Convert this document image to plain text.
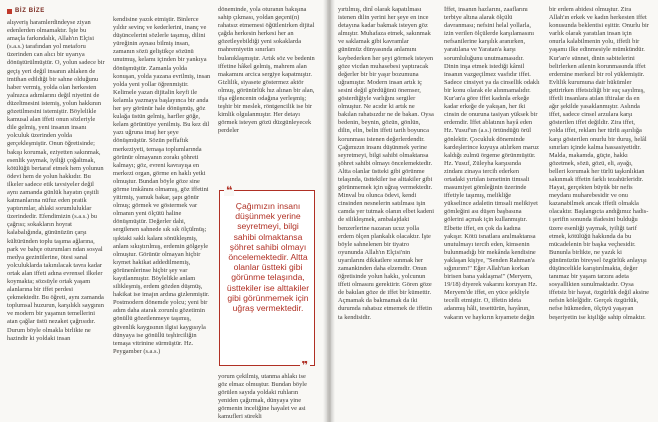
BİZ BİZE

alışveriş haramlerdindeyse ziyan edenlerden olmamaktır. İşte bu amaçla farkındalık, Allah'ın Elçisi (s.a.s.) tarafından yol metaforu üzerinden can alıcı bir uyarıya dönüştürülmüştür. O, yolun sadece bir geçiş yeri değil insanın ahlaken de imtihan edildiği bir sahne olduğunu haber vermiş, yolda olan herkesten yalnızca adımlarını değil niyetini de düzeltmesini istemiş, yolun hakkının gözetilmesini istemiştir. Böylelikle kamusal alan iffeti onun sözleriyle dile gelmiş, yeni insanın insanı yolculuk üzerinden yolda gerçekleşmiştir. Onun öğretisinde; bakışı korumak, eziyetten sakınmak, esenlik yaymak, iyiliği çoğaltmak, kötülüğü bertaraf etmek hem yolunun ödevi hem de yolun hakkıdır. Bu ilkeler sadece etik tavsiyeler değil aynı zamanda günlük hayatın çeşitli katmanlarına nüfuz eden pratik yaptırımlar, ahlaki sorumluluklar üzerindedir. Efendimizin (s.a.s.) bu çağrısı; sokakların hoyrat kalabalığında, gününüzün çarşı kültüründen toplu taşıma ağlarına, park ve bahçe oturumları ndan sosyal medya gezintilerine, ötesi sanal yolculuklarda takınılacak tavra kadar ortak alan iffeti adına evrensel ilkeler koymakta; sözsüyle ortak yaşam alanlarına bir iffet perdesi çekmektedir. Bu öğreti, aynı zamanda toplumsal huzurun, karşılıklı saygının ve modern bir yaşamın temellerini atan çağlar üstü nezaket çağrısıdır. Durum böyle olmakla birlikte ne hazindir ki yoldaki insan

kendisine yazık etmiştir. Binlerce yıldır sevinç ve kederlerini, inanç ve düşüncelerini sözlerle taşımış, dilini yüreğinin aynası bilmiş insan, zamanın sözü geliştikçe sözünü unutmuş, kelamı içinden bir yankıya dönüşmüştür. Zamanla yolda konuşan, yolda yazana evrilmiş, insan yolda yeni yollar öğrenmiştir. Kelimele yazan dijitalin keyfi ile kelamla yazmaya başlayınca bir anda her şey görünür hale dönüşmüş, göz kulağa üstün gelmiş, harfler göğe, kelam görüntüye yenilmiş. Bu kez dil yazı uğruna imaj her şeye dönüşmüştür. Sözün peffafiık merkeziyeti, temaşa toplumlarında görünür olmayanın zorakı şöhreti kalmayı; göz, evreni kavrayışa en merkezi organ, görme en haklı yetki olmuştur. Bundan böyle göze sine görme imkânını olmamış, göz iffetini yitirmiş, yamuk bakar, şapı gönür olmuş; görmek ve göstermek var olmanın yeni ölçütü haline dönüşmüştür. Değerler dahi, sergilenen sahnede sık sık ölçülmüş; ışıktaki saklı kalanı sönükleşmiş, anlam sıkıştırılmış, erdemin gölgeyle olmuştur. Görünür olmayan hiçbir kıymet hakikat addedilmemiş, görünenlerinse hiçbir şey var kayıtlanmıştır. Böylelikle anlam silikleşmiş, erdem gözden düşmüş, hakikat ise imajın ardına gizlenmiştir. Postmodern dönemde yolcu; yeni bir adım daha atarak zorunlu gözetimin gönüllü gözetlenmeye taşımış, güvenlik kaygısının ilgisi kaygısıyla dünyaya ise gönüllü teşhirciliğin temaşa vitrinine sürmüştür. Hz. Peygamber (s.a.s.)

döneminde, yola oturanın bakışına sahip çıkması, yoldan geçeni(n) rahatsız etmemesi öğütlenirken dijital çağda herkesin herkesi her an gözetleyebildiği yeni sokaklarda mahremiyetin sınırları bulanıklaşmıştır. Artık söz ve bedenin iffetine hâkel gelmiş, mahrem alan makamını arcica sergiye kapatmıştır. Gizlilik, siyasete göstermez aktör olmuş, görünürlük hız alınan bir alan, ifşa eğlencenin odağına yerleşmiş; teşhir bir meslek, röntgencilik ise bir kimlik olgulanmıştır. Her detayı görmek isteyen gözü düzgünleyecek perdeler

❝
Çağımızın insanı düşünmek yerine seyretmeyi, bilgi sahibi olmaktansa şöhret sahibi olmayı öncelemektedir. Altta olanlar üstteki gibi görünme telaşında, üsttekiler ise alttakiler gibi görünmemek için uğraş vermektedir.
❞

yorum çekilmiş, utanma ahlakı ise göz elmaz olmuştur. Bundan böyle görülen sayıda yoldaki ruhların yeniden çağırmak, dünyaya yine görmenin inceliğine hayalet ve asi kamufleri sürekli

yırtılmış, dinî olarak kapatılması istenen dilin yerini her şeye en ince detayına kadar bakmak isteyen göz almıştır. Muhafaza etmek, sakınmak ve saklamak gibi kavramlar günümüz dünyasında anlamını kaybederken her şeyi görmek isteyen göze vicdan muhasebesi yaptıracak değerler bir bir yaşır bozumuna uğramıştır. Modern insan artık iç sesini değil gördüğünü önemser, gösterdiğiyle varlığını sergiler olmuştur. Ne acıdır ki artık ne bakılan rahatsızdır ne de bakan. Oysa bedenin, beynin, gözün, gönlün, dilin, elin, belin iffeti tarih boyunca korunması istenen değerlerdendir. Çağımızın insanı düşünmek yerine seyretmeyi, bilgi sahibi olmaktansa şöhret sahibi olmayı öncelemektedir. Altta olanlar üstteki gibi görünme telaşında, üsttekiler ise alttakiler gibi görünmemek için uğraş vermektedir. Minval bu olunca ödevi, kendi cinsinden nesnelerin satılması işin camda yer tutmak olanın elbet kadeni de silikleşmek, ambalajdaki benzerlerine nazaran ucuz yolla erdem ölçen plankalık olacaktır. İşte böyle sahnelenen bir tiyatro oyununda Allah'ın Elçisi'nin uyarılarını dikkatlere sunmak her zamankinden daha elzemdir. Onun öğretisinde yolun hakkı, yolcunun iffeti olmasını gerektirir. Gören göze de bakılan göze de iffet bir kümettir. Açmamak da bakmamak da iki durumda rahatsız etmemek de iffetin ta kendisidir.

İffet, insanın hazlarını, zaaflarını terbiye altına alarak ölçülü davranması; nefsini helal yollarla, izin verilen ölçülerde karşılamasını nefsanilerine karşılık aranırken, yaratılana ve Yaratan'a karşı sorumluluğunu unutmamasıdır. Dinin inşa etmek istediği kâmil insanın vazgeçilmez vasfıdır iffet. Sadece cinsiyet ya da cinsellik odaklı bir konu olarak ele alınmamalıdır. Kur'an'a göre iffet kadınla erkeğe kadar erkeğe de yakışan, her iki cinsin de onuruna tasiyan yüksek bir erdemdir. İffet ablatının hayâ eden Hz. Yusuf'un (a.s.) örtündüğü örül gönlektir. Çocukluk döneminde kardeşlerince kuyuya atılırken maruz kaldığı zulmü örgeme görünmüştür. Hz. Yusuf, Züleyha karşısında zindanı zinaya tercih ederken ortadaki yırtılan ismetinin timsali masumiyet gömleğinin üzerinde iffetiyle taşımış, melikliğe yükselince adaletin timsali melikiyet gömleğini ası düşen başbasına gölerini açmak için kullanmıştır. Elbette iffet, en çok da kadına yakışır. Kötü isnatlara anılmaktansa unutulmayı tercih eden, kimsenin bulunmadığı bir mekânda kendisine yaklaşan kişiye, "Senden Rahman'a sığınırım!" Eğer Allah'tan korkan birisen bana yaklaşma!" (Meryem, 19/18) diyerek vakarını koruyan Hz. Meryem'de iffet, en yüce şekliyle tecelli etmiştir. O, iffetin ideta adanmış hâli, tesettürün, hayânın, vakarın ve haykırın kıyamete değin

bir erdem abidesi olmuştur. Zira Allah'ın erkek ve kadın herkesten iffet konusunda beklentisi eşittir. Onurlu bir varlık olarak yaratılan insan için onurla kalabilmenin yolu, iffetli bir yaşamı ilke edinmesiyle mümkündür. Kur'an'e sünnet, dinin sabitelerini belirlerken ailenin korunmasında iffet erdemine merkezî bir rol yüklemiştir. Evlilik kurumuna dair hükümler getirirken iffetsizliği bir suç sayılmış, iffetli insanlara atılan iftiralar da en ağır şekilde yasaklanmıştır. Aslında iffet, sadece cinsel arzulara karşı gösterilen iffet değildir. Zira iffet, yolda iffet, reklam her türlü aşırılığa karşı gösterilen onurlu bir duruş, helâl sınırları içinde kalma hassasiyetidir. Malda, makamda, güçte, hakkı gözetmek, sözü, gözü, eli, ayağı, belleri korumak her türlü taşkınlıktan sakınmak iffetin farklı tezahürleridir. Hayat, gerçekten büyük bir nefis meydanı muharebesidir ve onu kazanabilmek ancak iffetli olmakla olacaktır. Başlangıcta andığımız hadis-i şerifin sonunda ifadesini bulduğu üzere esenliği yaymak, iyiliği tarif etmek, kötülüğü hakkında da bu mücadelenin bir başka veçhesidir. Bununla birlikte, ne yazık ki günümüzün bireysel özgürlük anlayışı düşüncelikle karıştırılmakta, değer tanımaz bir yaşam tarzını adeta sosyallikten sunulmaktadır. Oysa iffetsiz bir hayat, özgürlük değil aksine nefsin kölelğidir. Gerçek özgürlük, nefse hükmeden, ölçüyü yaşayan beşeriyetin ise kişiliğe sahip olmaktır.
